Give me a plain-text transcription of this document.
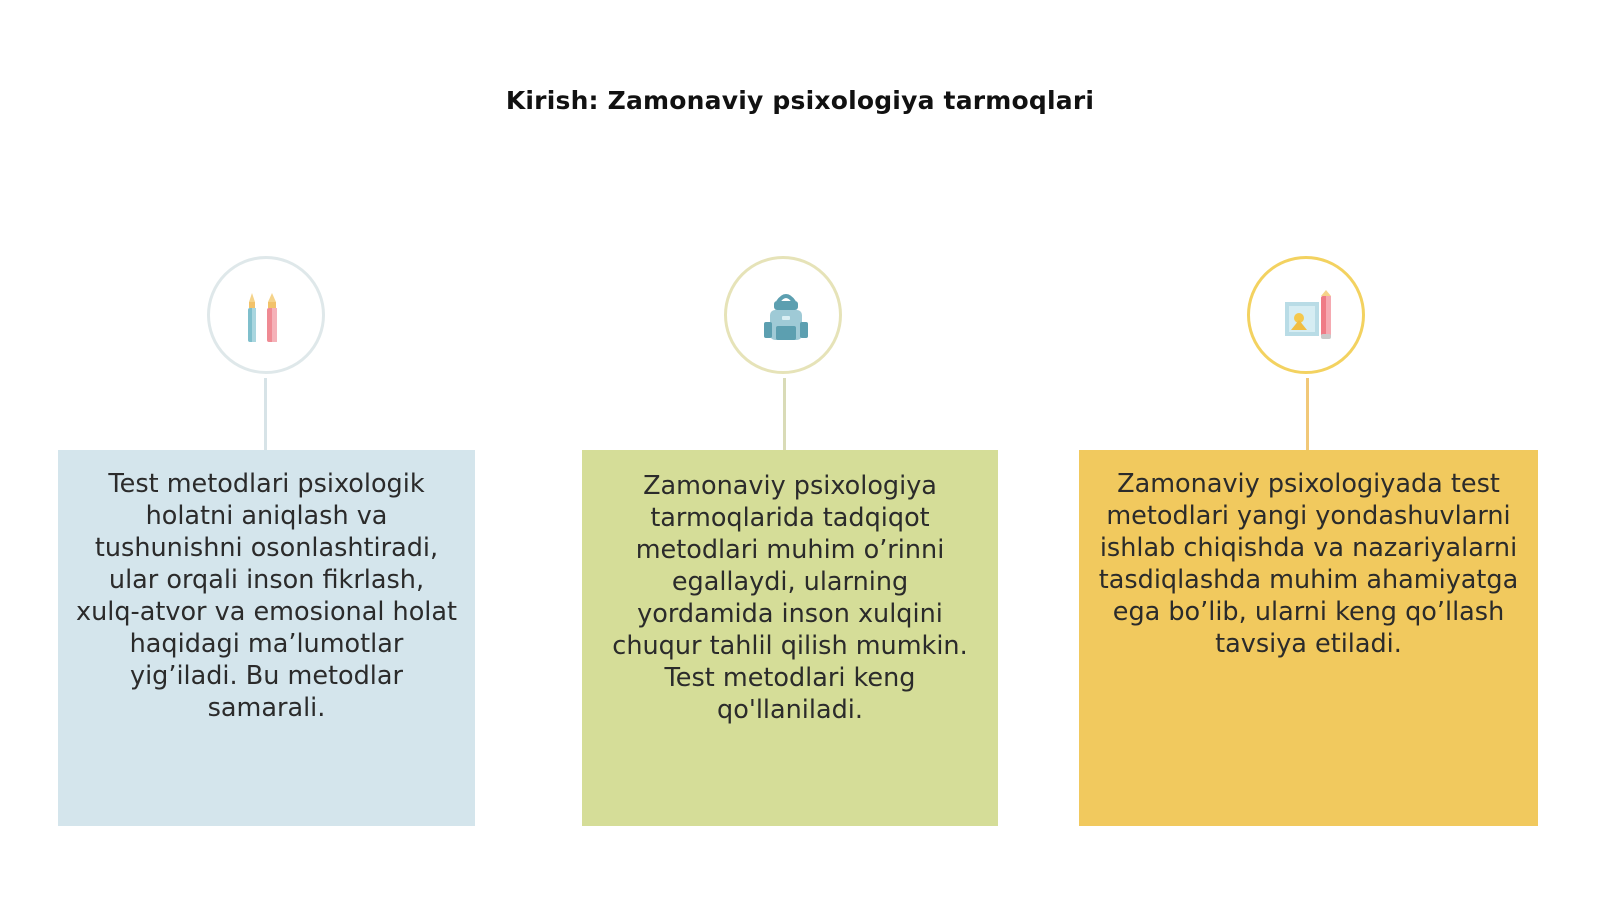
Kirish: Zamonaviy psixologiya tarmoqlari

Test metodlari psixologik holatni aniqlash va tushunishni osonlashtiradi, ular orqali inson fikrlash, xulq-atvor va emosional holat haqidagi ma’lumotlar yig’iladi. Bu metodlar samarali.

Zamonaviy psixologiya tarmoqlarida tadqiqot metodlari muhim o’rinni egallaydi, ularning yordamida inson xulqini chuqur tahlil qilish mumkin. Test metodlari keng qo'llaniladi.

Zamonaviy psixologiyada test metodlari yangi yondashuvlarni ishlab chiqishda va nazariyalarni tasdiqlashda muhim ahamiyatga ega bo’lib, ularni keng qo’llash tavsiya etiladi.
